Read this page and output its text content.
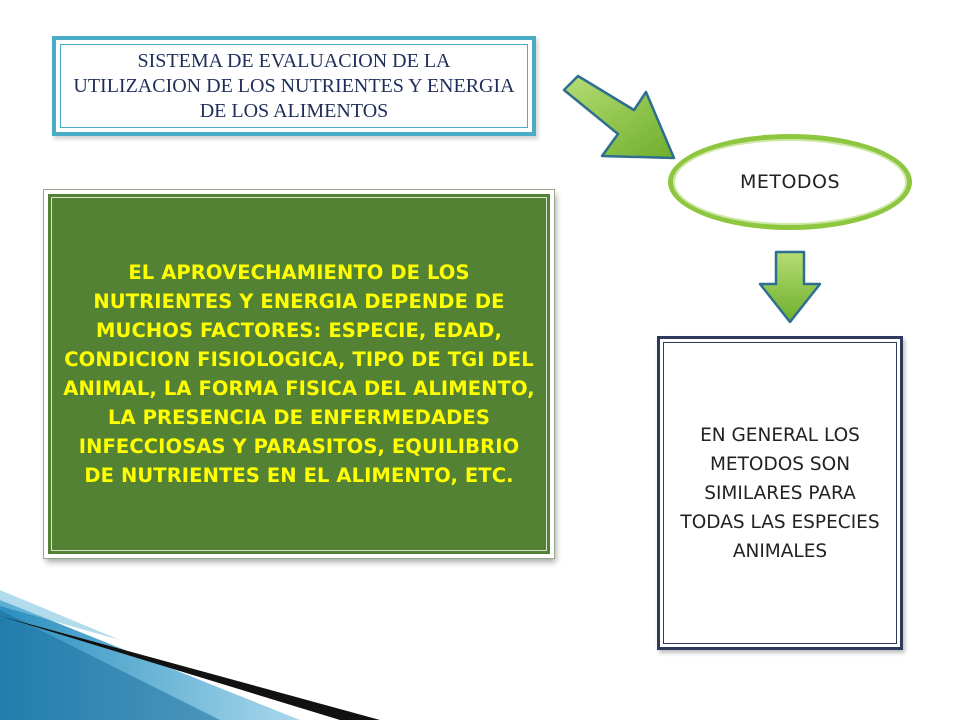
SISTEMA DE EVALUACION DE LA UTILIZACION DE LOS NUTRIENTES Y ENERGIA DE LOS ALIMENTOS
METODOS
EL APROVECHAMIENTO DE LOS NUTRIENTES Y ENERGIA DEPENDE DE MUCHOS FACTORES: ESPECIE, EDAD, CONDICION FISIOLOGICA, TIPO DE TGI DEL ANIMAL, LA FORMA FISICA DEL ALIMENTO, LA PRESENCIA DE ENFERMEDADES INFECCIOSAS Y PARASITOS, EQUILIBRIO DE NUTRIENTES EN EL ALIMENTO, ETC.
EN GENERAL LOS METODOS SON SIMILARES PARA TODAS LAS ESPECIES ANIMALES
